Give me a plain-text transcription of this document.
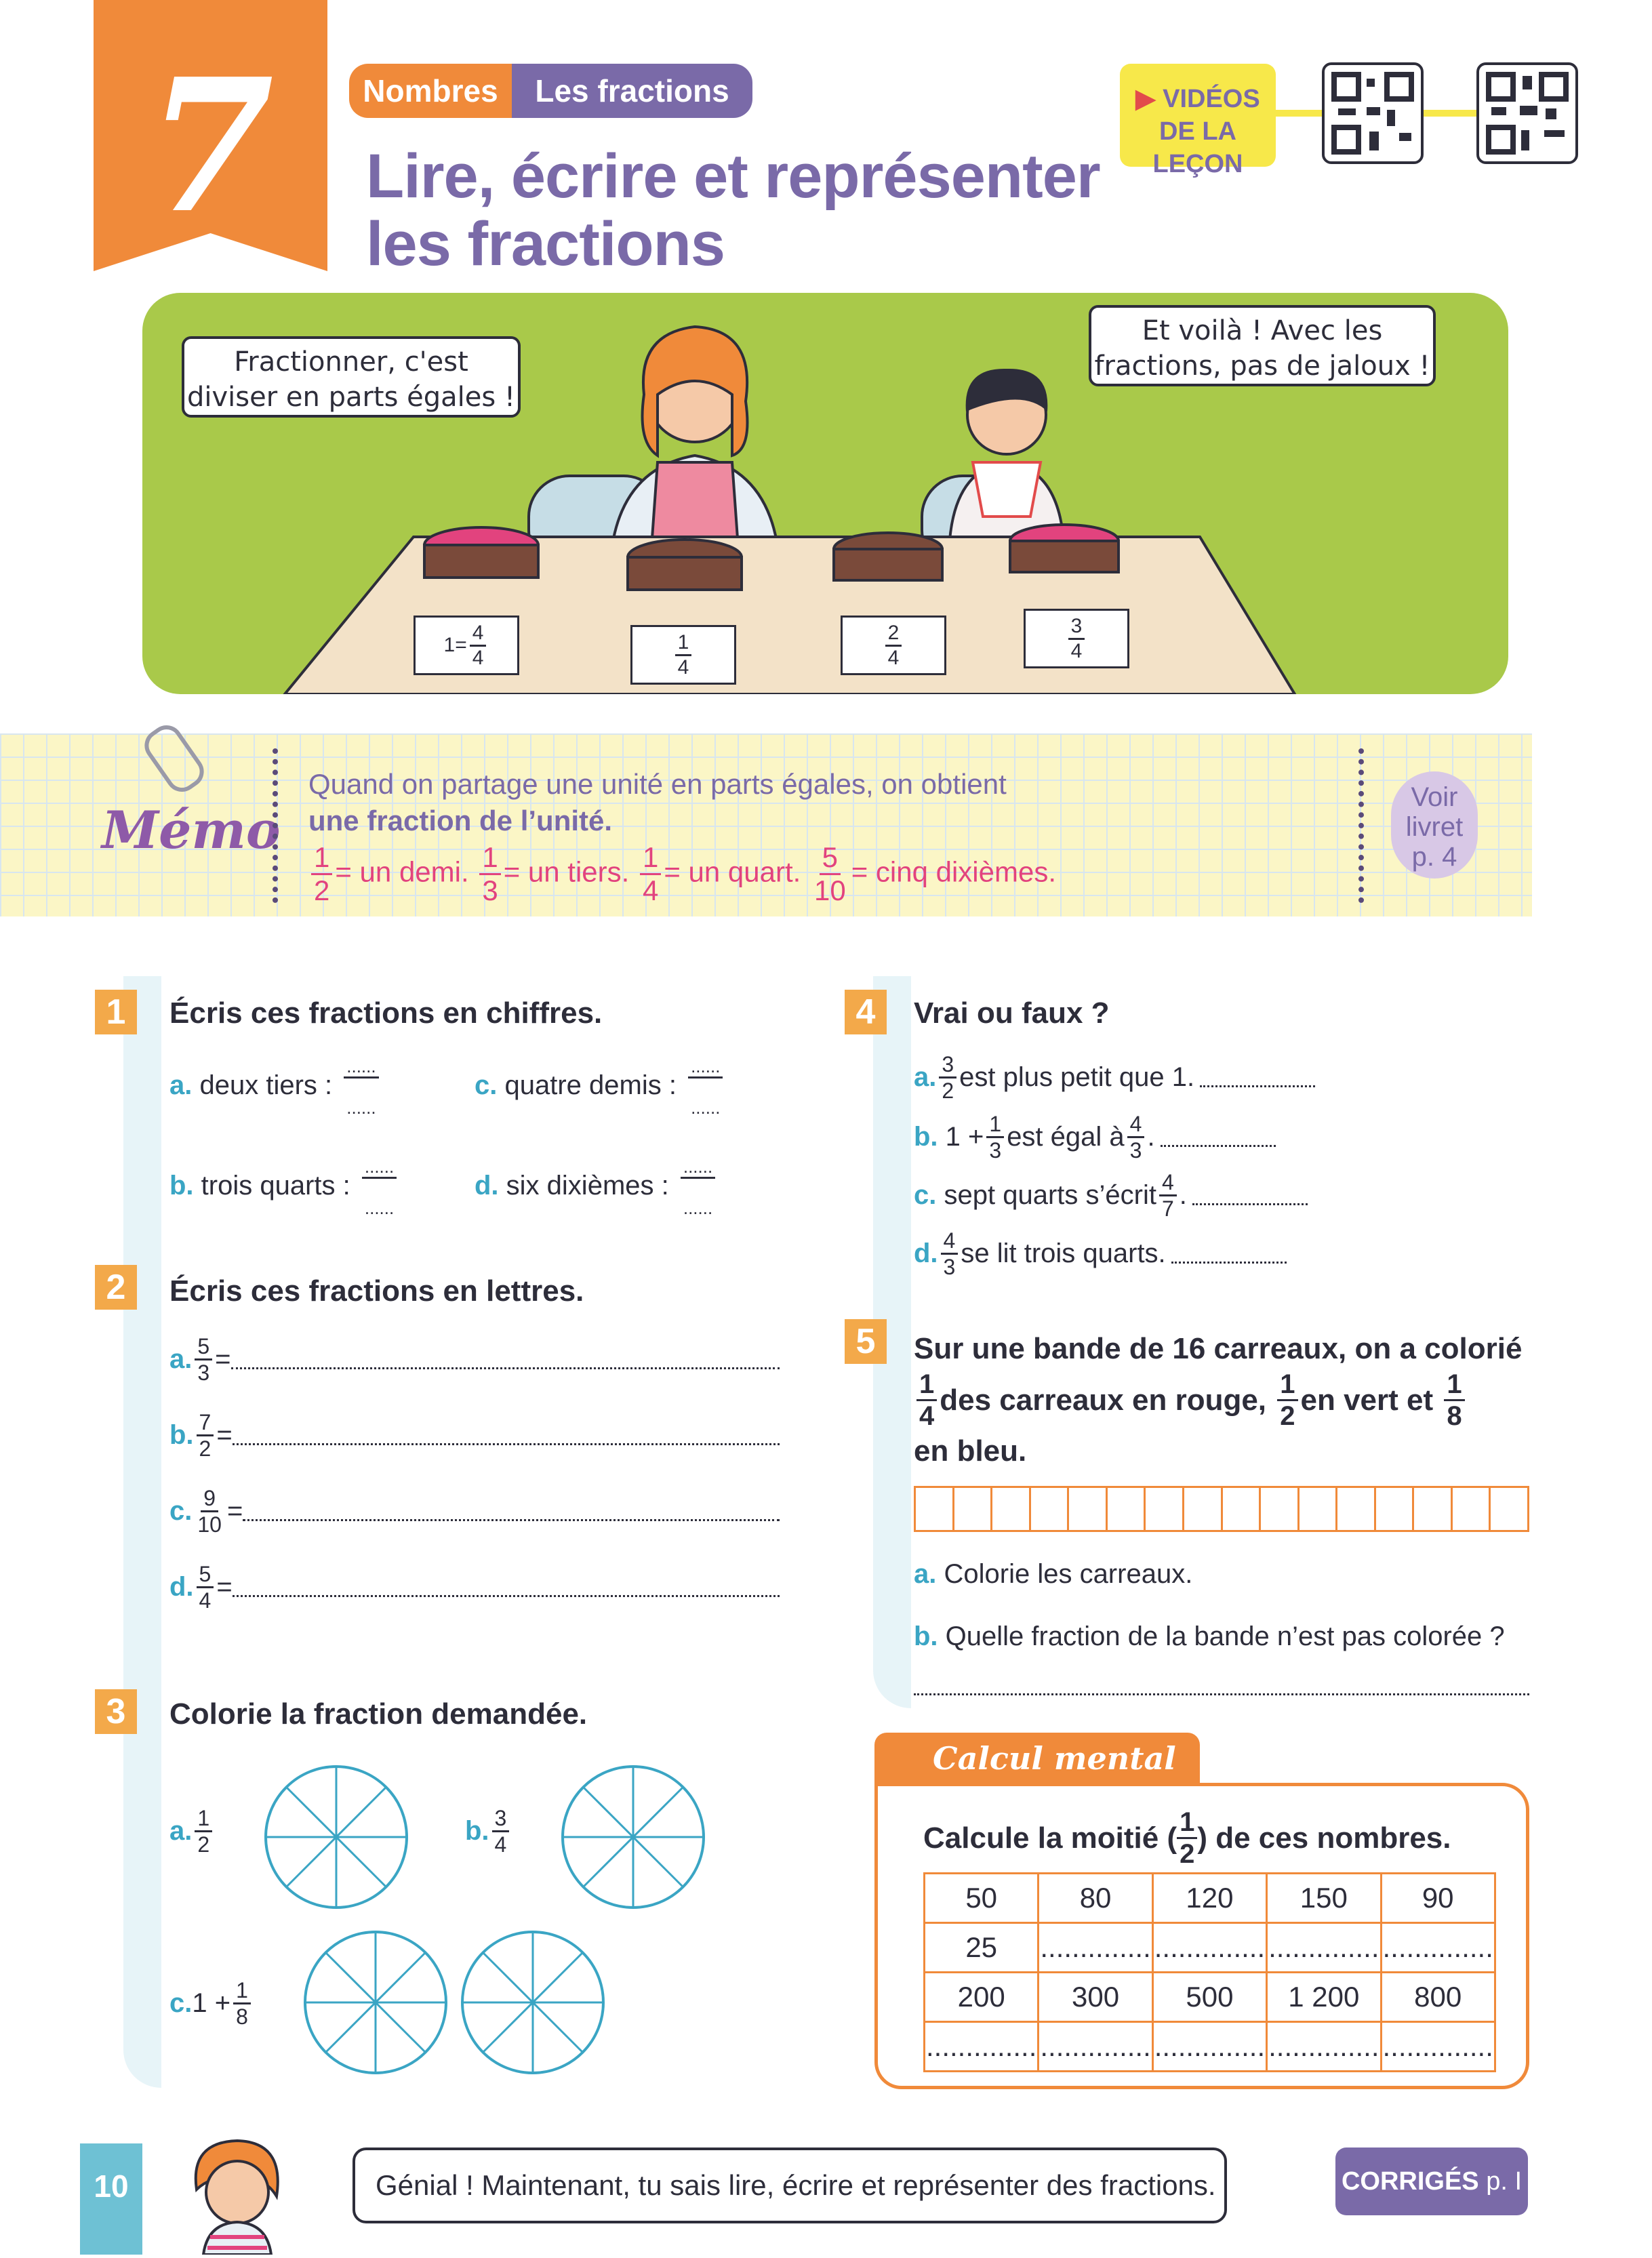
7	Nombres	Les fractions
Lire, écrire et représenter
les fractions
▶ VIDÉOS
DE LA LEÇON
$1= \frac{4}{4}$	1
4
2
4
3
4
Fractionner, c'est
diviser en parts égales !
Et voilà ! Avec les
fractions, pas de jaloux !
Mémo
Quand on partage une unité en parts égales, on obtient
une fraction de l’unité.
$\frac{1}{2}$ = un demi. $\frac{1}{3}$ = un tiers. $\frac{1}{4}$ = un quart. $\frac{5}{10}$ = cinq dixièmes.
Voir
livret
p. 4
1	Écris ces fractions en chiffres.
a. deux tiers :
......
......
c. quatre demis :
......
......
b. trois quarts :
......
......
d. six dixièmes :
......
......
2	Écris ces fractions en lettres.
a. $\frac{5}{3}$ =
b. $\frac{7}{2}$ =
c. $\frac{9}{10}$ =
d. $\frac{5}{4}$ =
3	Colorie la fraction demandée.
a. 1
2	b. 3
4
c. $1 + \frac{1}{8}$
4	Vrai ou faux ?
a. 3
2 est plus petit que 1.
b.
$1 + \frac{1}{3}$ est égal à 4
3 .
c.
sept quarts s’écrit 4
7 .
d. 4
3 se lit trois quarts.
5	Sur une bande de 16 carreaux, on a colorié
1
4 des carreaux en rouge,
1
2 en vert et
1
8
en bleu.
a. Colorie les carreaux.
b. Quelle fraction de la bande n’est pas colorée ?
Calcul mental
Calcule la moitié ( 1
2 ) de ces nombres.
50	80	120	150	90
25	..............	..............	..............	..............
200	300	500	1 200	800
..............	..............	..............	..............	..............
10	Génial ! Maintenant, tu sais lire, écrire et représenter des fractions.	CORRIGÉS p. I
